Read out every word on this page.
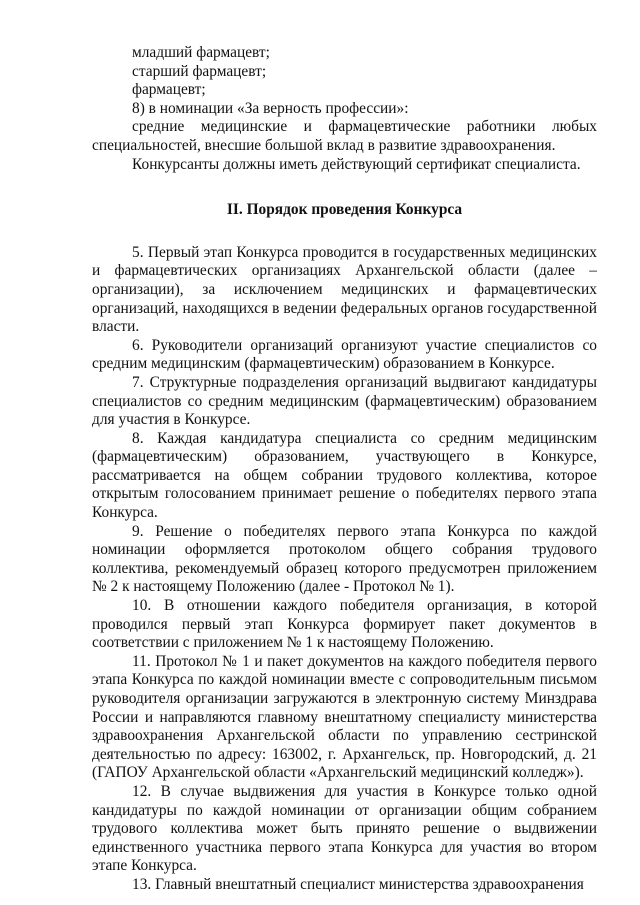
младший фармацевт;

старший фармацевт;

фармацевт;

8) в номинации «За верность профессии»:

средние медицинские и фармацевтические работники любых специальностей, внесшие большой вклад в развитие здравоохранения.

Конкурсанты должны иметь действующий сертификат специалиста.

II. Порядок проведения Конкурса

5. Первый этап Конкурса проводится в государственных медицинских и фармацевтических организациях Архангельской области (далее – организации), за исключением медицинских и фармацевтических организаций, находящихся в ведении федеральных органов государственной власти.

6. Руководители организаций организуют участие специалистов со средним медицинским (фармацевтическим) образованием в Конкурсе.

7. Структурные подразделения организаций выдвигают кандидатуры специалистов со средним медицинским (фармацевтическим) образованием для участия в Конкурсе.

8. Каждая кандидатура специалиста со средним медицинским (фармацевтическим) образованием, участвующего в Конкурсе, рассматривается на общем собрании трудового коллектива, которое открытым голосованием принимает решение о победителях первого этапа Конкурса.

9. Решение о победителях первого этапа Конкурса по каждой номинации оформляется протоколом общего собрания трудового коллектива, рекомендуемый образец которого предусмотрен приложением № 2 к настоящему Положению (далее - Протокол № 1).

10. В отношении каждого победителя организация, в которой проводился первый этап Конкурса формирует пакет документов в соответствии с приложением № 1 к настоящему Положению.

11. Протокол № 1 и пакет документов на каждого победителя первого этапа Конкурса по каждой номинации вместе с сопроводительным письмом руководителя организации загружаются в электронную систему Минздрава России и направляются главному внештатному специалисту министерства здравоохранения Архангельской области по управлению сестринской деятельностью по адресу: 163002, г. Архангельск, пр. Новгородский, д. 21 (ГАПОУ Архангельской области «Архангельский медицинский колледж»).

12. В случае выдвижения для участия в Конкурсе только одной кандидатуры по каждой номинации от организации общим собранием трудового коллектива может быть принято решение о выдвижении единственного участника первого этапа Конкурса для участия во втором этапе Конкурса.

13. Главный внештатный специалист министерства здравоохранения
